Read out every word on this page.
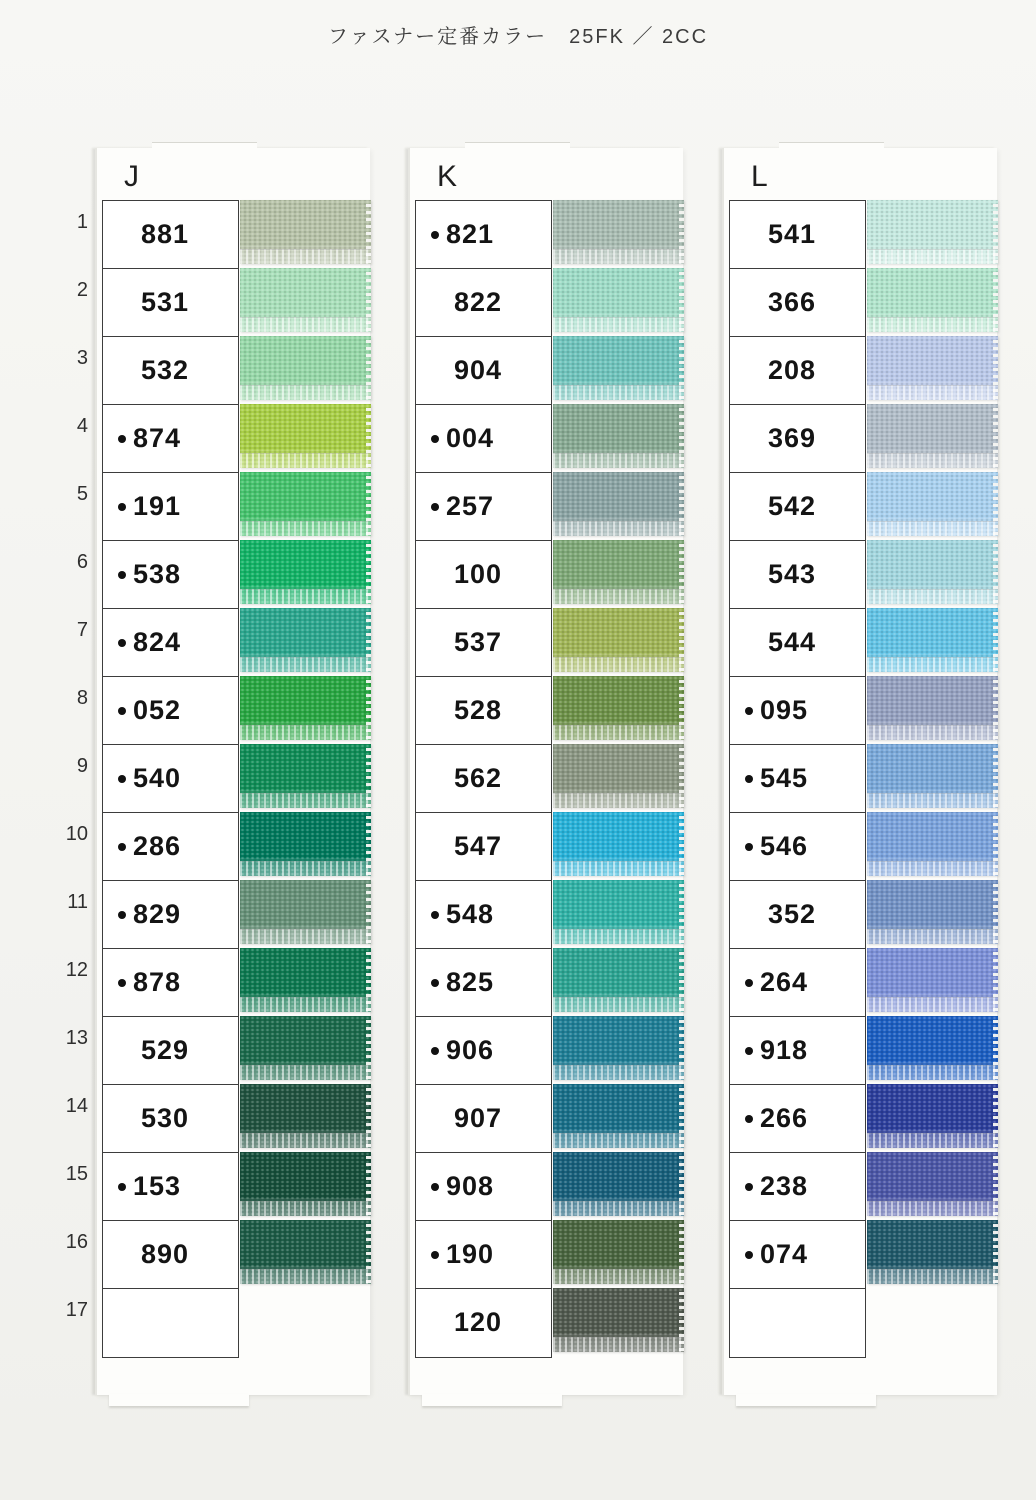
ファスナー定番カラー　25FK ／ 2CC
1
2
3
4
5
6
7
8
9
10
11
12
13
14
15
16
17
J
881
531
532
874
191
538
824
052
540
286
829
878
529
530
153
890
K
821
822
904
004
257
100
537
528
562
547
548
825
906
907
908
190
120
L
541
366
208
369
542
543
544
095
545
546
352
264
918
266
238
074
